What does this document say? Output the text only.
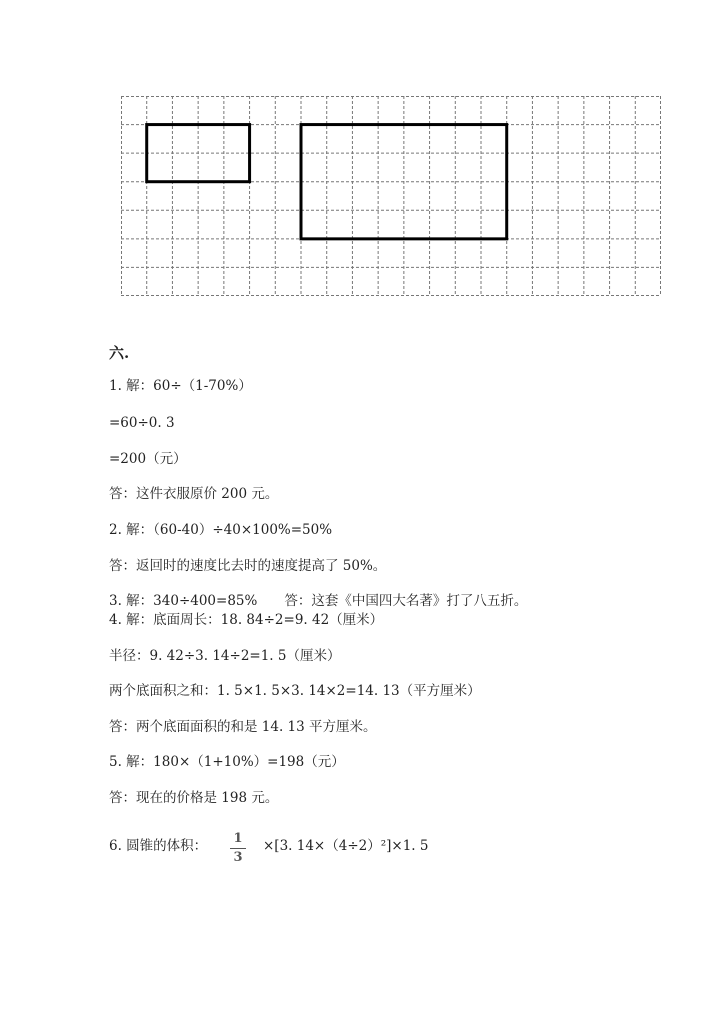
六.
1. 解：60÷（1-70%）
=60÷0. 3
=200（元）
答：这件衣服原价 200 元。
2. 解：（60-40）÷40×100%=50%
答：返回时的速度比去时的速度提高了 50%。
3. 解：340÷400=85%　　答：这套《中国四大名著》打了八五折。
4. 解：底面周长：18. 84÷2=9. 42（厘米）
半径：9. 42÷3. 14÷2=1. 5（厘米）
两个底面积之和：1. 5×1. 5×3. 14×2=14. 13（平方厘米）
答：两个底面面积的和是 14. 13 平方厘米。
5. 解：180×（1+10%）=198（元）
答：现在的价格是 198 元。
6. 圆锥的体积： 1
3
×[3. 14×（4÷2）²]×1. 5
